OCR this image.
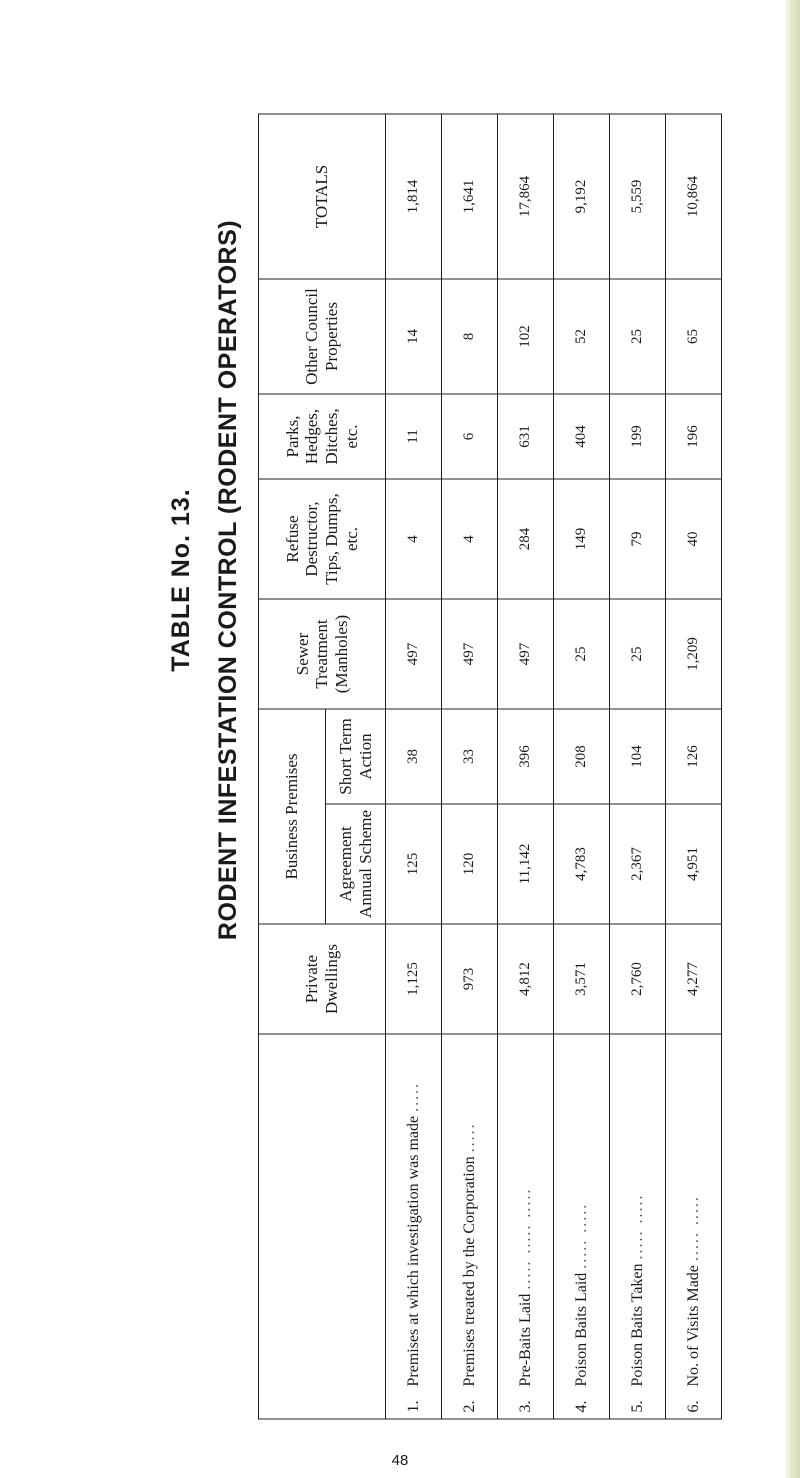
TABLE No. 13. RODENT INFESTATION CONTROL (RODENT OPERATORS)
	Private Dwellings	Business Premises		Sewer Treatment (Manholes)	Refuse Destructor, Tips, Dumps, etc.	Parks, Hedges, Ditches, etc.	Other Council Properties	TOTALS
		Agreement Annual Scheme	Short Term Action					
1.Premises at which investigation was made .....	1,125	125	38	497	4	11	14	1,814
2.Premises treated by the Corporation .....	973	120	33	497	4	6	8	1,641
3.Pre-Baits Laid ..... ..... .....	4,812	11,142	396	497	284	631	102	17,864
4.Poison Baits Laid ..... .....	3,571	4,783	208	25	149	404	52	9,192
5.Poison Baits Taken ..... .....	2,760	2,367	104	25	79	199	25	5,559
6.No. of Visits Made ..... .....	4,277	4,951	126	1,209	40	196	65	10,864
48
